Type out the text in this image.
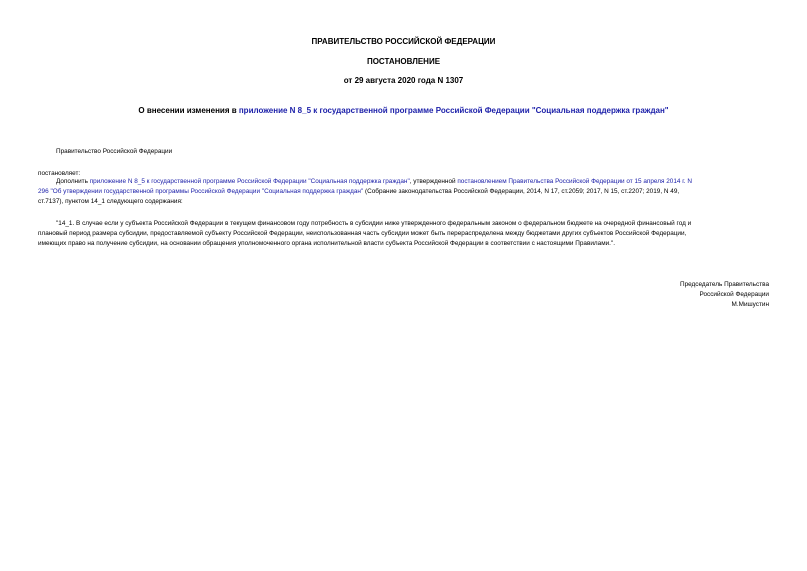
ПРАВИТЕЛЬСТВО РОССИЙСКОЙ ФЕДЕРАЦИИ
ПОСТАНОВЛЕНИЕ
от 29 августа 2020 года N 1307
О внесении изменения в приложение N 8_5 к государственной программе Российской Федерации "Социальная поддержка граждан"
Правительство Российской Федерации
постановляет:
Дополнить приложение N 8_5 к государственной программе Российской Федерации "Социальная поддержка граждан", утвержденной постановлением Правительства Российской Федерации от 15 апреля 2014 г. N
296 "Об утверждении государственной программы Российской Федерации "Социальная поддержка граждан" (Собрание законодательства Российской Федерации, 2014, N 17, ст.2059; 2017, N 15, ст.2207; 2019, N 49,
ст.7137), пунктом 14_1 следующего содержания:
"14_1. В случае если у субъекта Российской Федерации в текущем финансовом году потребность в субсидии ниже утвержденного федеральным законом о федеральном бюджете на очередной финансовый год и
плановый период размера субсидии, предоставляемой субъекту Российской Федерации, неиспользованная часть субсидии может быть перераспределена между бюджетами других субъектов Российской Федерации,
имеющих право на получение субсидии, на основании обращения уполномоченного органа исполнительной власти субъекта Российской Федерации в соответствии с настоящими Правилами.".
Председатель Правительства
Российской Федерации
М.Мишустин
